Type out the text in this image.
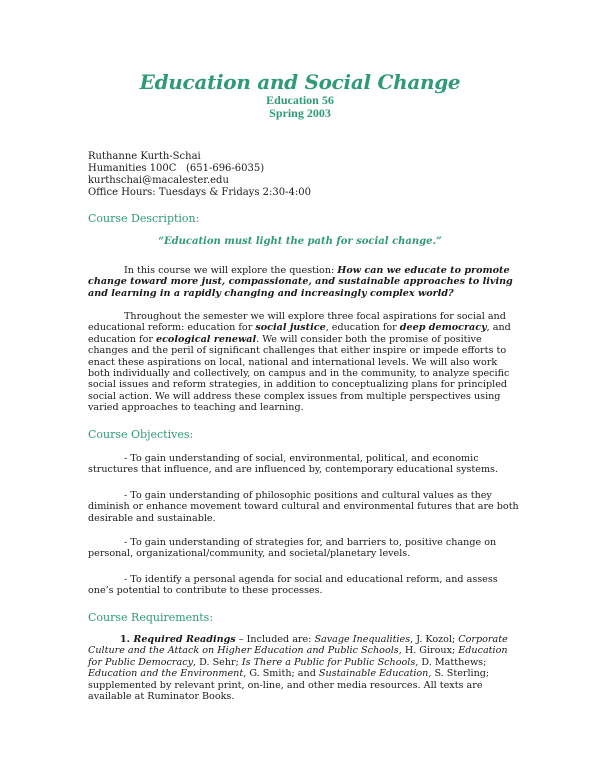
Education and Social Change
Education 56
Spring 2003
Ruthanne Kurth-Schai
Humanities 100C   (651-696-6035)
kurthschai@macalester.edu
Office Hours: Tuesdays & Fridays 2:30-4:00
Course Description:
“Education must light the path for social change.”
In this course we will explore the question: How can we educate to promote change toward more just, compassionate, and sustainable approaches to living and learning in a rapidly changing and increasingly complex world?
Throughout the semester we will explore three focal aspirations for social and educational reform: education for social justice, education for deep democracy, and education for ecological renewal. We will consider both the promise of positive changes and the peril of significant challenges that either inspire or impede efforts to enact these aspirations on local, national and international levels. We will also work both individually and collectively, on campus and in the community, to analyze specific social issues and reform strategies, in addition to conceptualizing plans for principled social action. We will address these complex issues from multiple perspectives using varied approaches to teaching and learning.
Course Objectives:
- To gain understanding of social, environmental, political, and economic structures that influence, and are influenced by, contemporary educational systems.
- To gain understanding of philosophic positions and cultural values as they diminish or enhance movement toward cultural and environmental futures that are both desirable and sustainable.
- To gain understanding of strategies for, and barriers to, positive change on personal, organizational/community, and societal/planetary levels.
- To identify a personal agenda for social and educational reform, and assess one’s potential to contribute to these processes.
Course Requirements:
1. Required Readings – Included are: Savage Inequalities, J. Kozol; Corporate Culture and the Attack on Higher Education and Public Schools, H. Giroux; Education for Public Democracy, D. Sehr; Is There a Public for Public Schools, D. Matthews; Education and the Environment, G. Smith; and Sustainable Education, S. Sterling; supplemented by relevant print, on-line, and other media resources. All texts are available at Ruminator Books.
